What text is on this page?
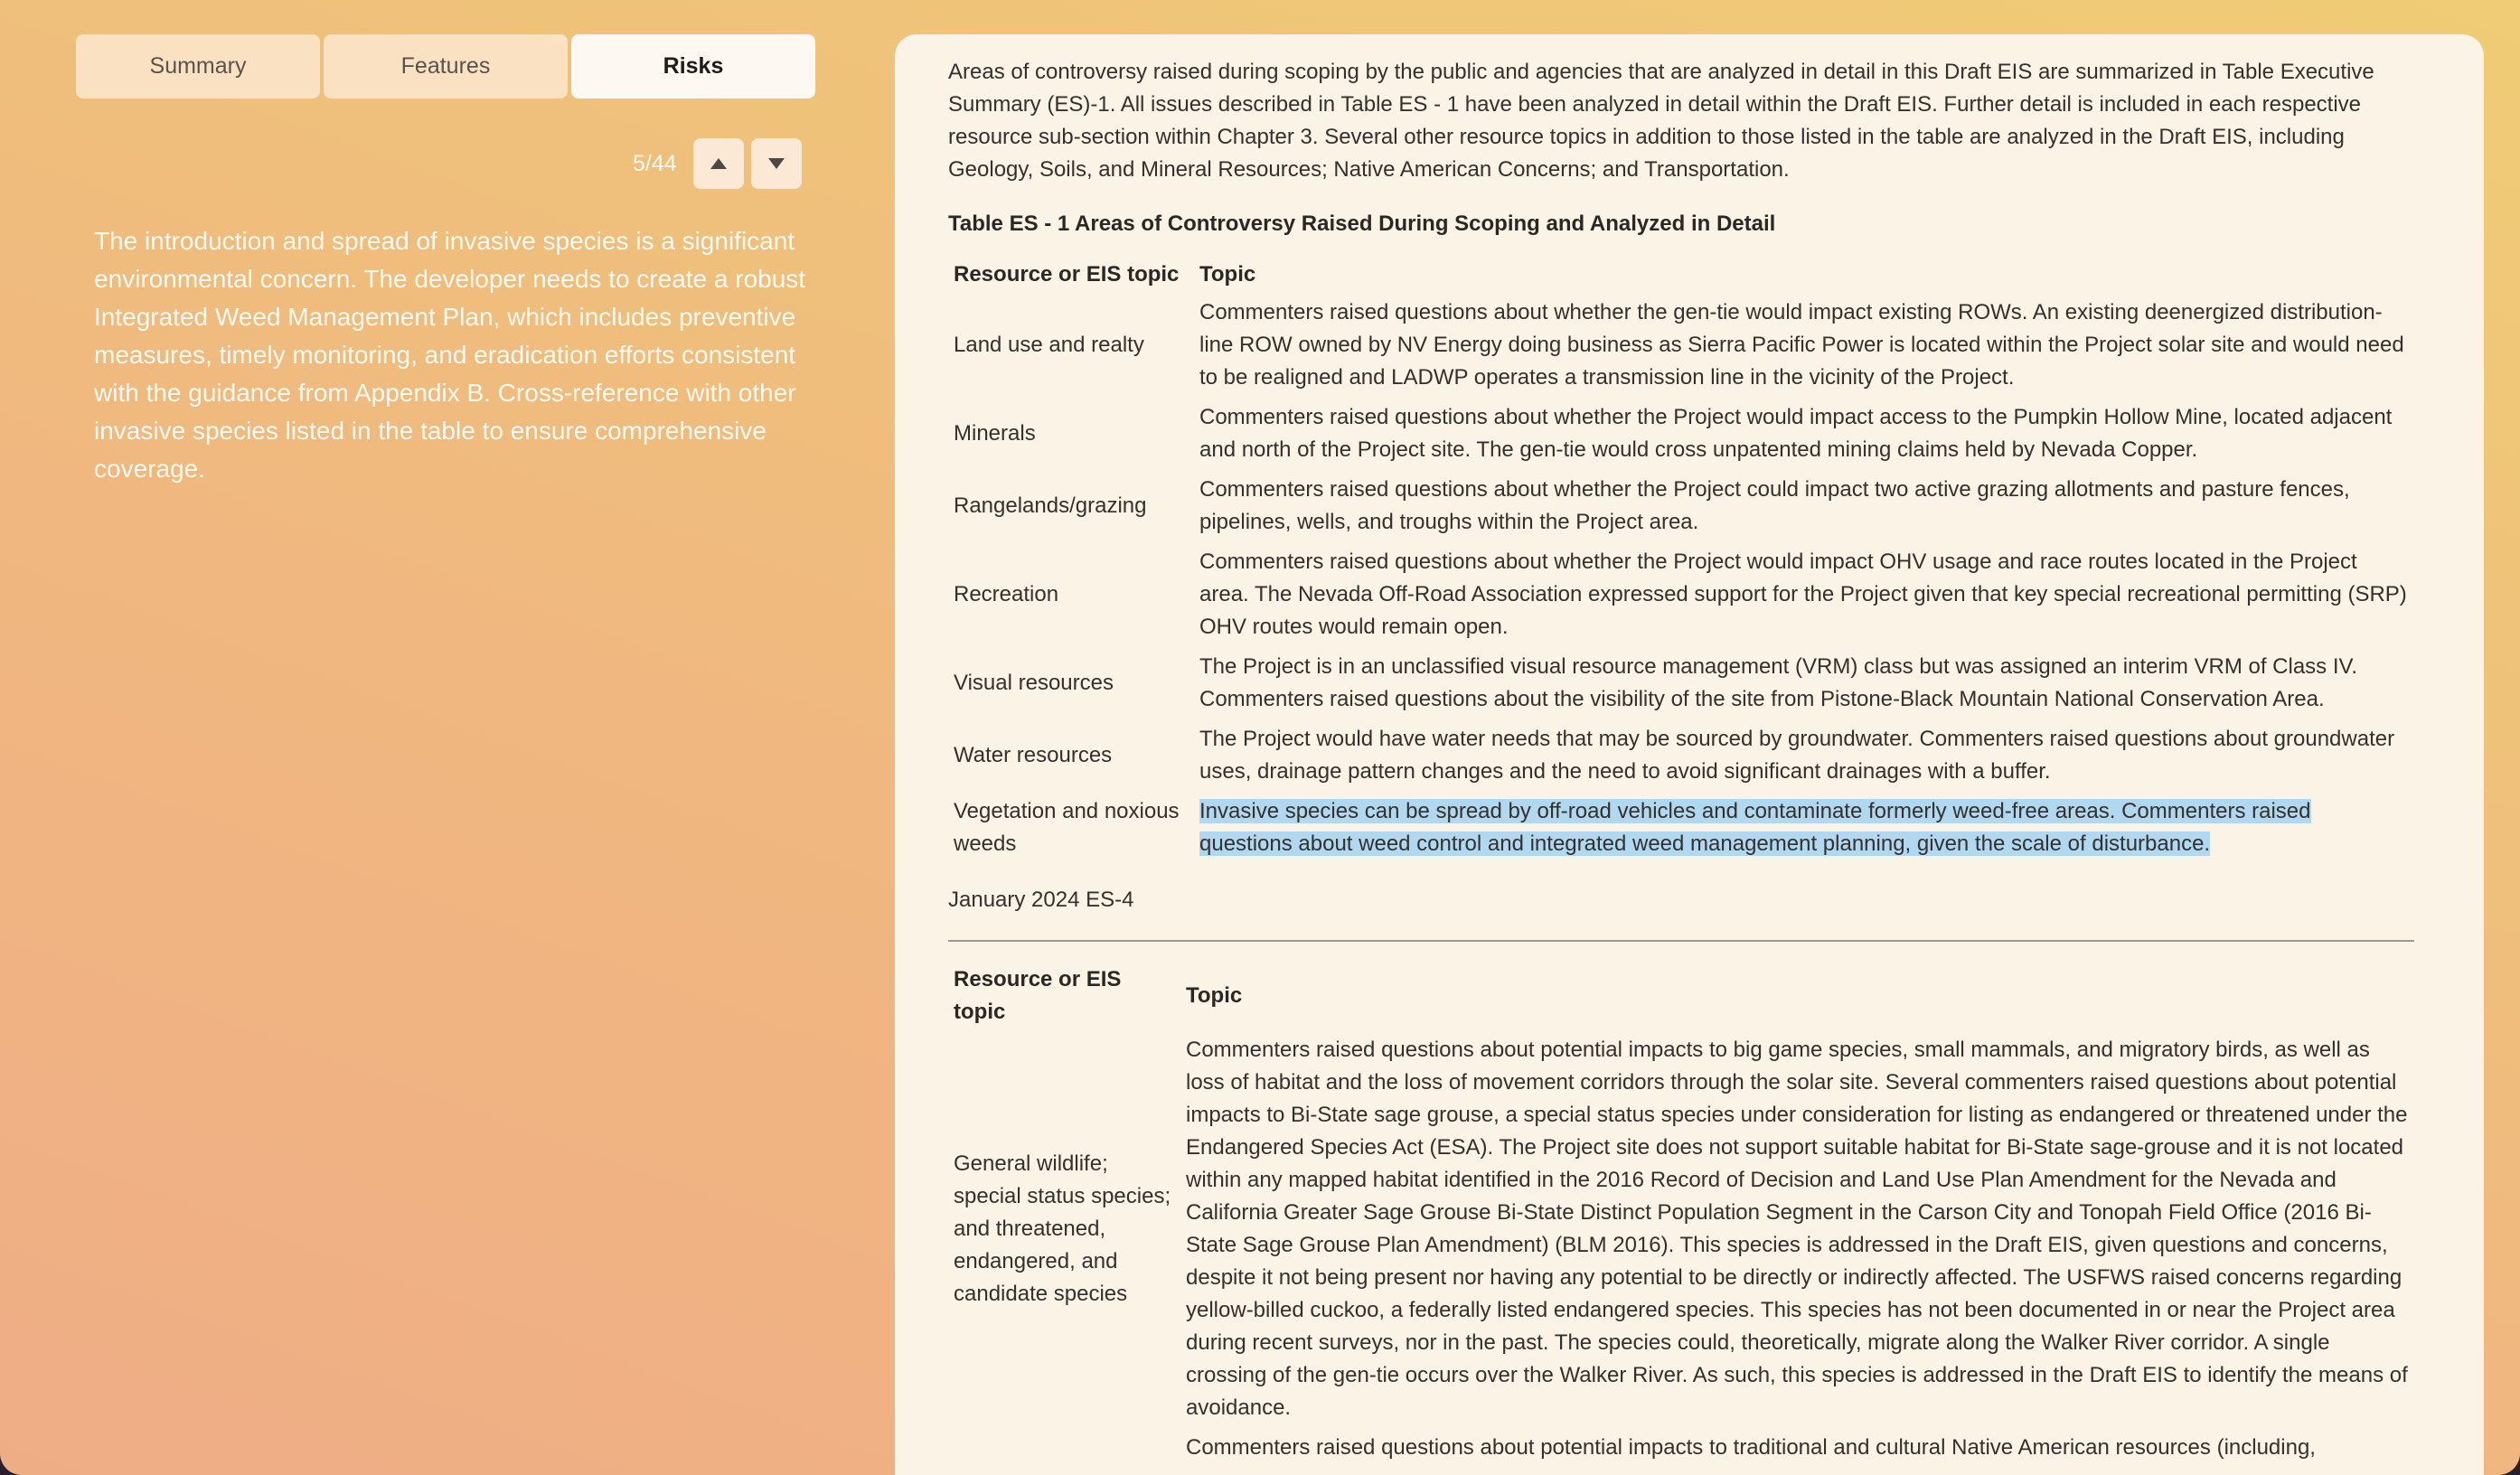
Summary	Features	Risks
5/44
The introduction and spread of invasive species is a significant environmental concern. The developer needs to create a robust Integrated Weed Management Plan, which includes preventive measures, timely monitoring, and eradication efforts consistent with the guidance from Appendix B. Cross-reference with other invasive species listed in the table to ensure comprehensive coverage.

Areas of controversy raised during scoping by the public and agencies that are analyzed in detail in this Draft EIS are summarized in Table Executive Summary (ES)-1. All issues described in Table ES - 1 have been analyzed in detail within the Draft EIS. Further detail is included in each respective resource sub-section within Chapter 3. Several other resource topics in addition to those listed in the table are analyzed in the Draft EIS, including Geology, Soils, and Mineral Resources; Native American Concerns; and Transportation.

Table ES - 1 Areas of Controversy Raised During Scoping and Analyzed in Detail

Resource or EIS topic	Topic
Land use and realty	Commenters raised questions about whether the gen-tie would impact existing ROWs. An existing deenergized distribution-line ROW owned by NV Energy doing business as Sierra Pacific Power is located within the Project solar site and would need to be realigned and LADWP operates a transmission line in the vicinity of the Project.
Minerals	Commenters raised questions about whether the Project would impact access to the Pumpkin Hollow Mine, located adjacent and north of the Project site. The gen-tie would cross unpatented mining claims held by Nevada Copper.
Rangelands/grazing	Commenters raised questions about whether the Project could impact two active grazing allotments and pasture fences, pipelines, wells, and troughs within the Project area.
Recreation	Commenters raised questions about whether the Project would impact OHV usage and race routes located in the Project area. The Nevada Off-Road Association expressed support for the Project given that key special recreational permitting (SRP) OHV routes would remain open.
Visual resources	The Project is in an unclassified visual resource management (VRM) class but was assigned an interim VRM of Class IV. Commenters raised questions about the visibility of the site from Pistone-Black Mountain National Conservation Area.
Water resources	The Project would have water needs that may be sourced by groundwater. Commenters raised questions about groundwater uses, drainage pattern changes and the need to avoid significant drainages with a buffer.
Vegetation and noxious weeds	Invasive species can be spread by off-road vehicles and contaminate formerly weed-free areas. Commenters raised questions about weed control and integrated weed management planning, given the scale of disturbance.

January 2024 ES-4

Resource or EIS topic	Topic
General wildlife; special status species; and threatened, endangered, and candidate species	Commenters raised questions about potential impacts to big game species, small mammals, and migratory birds, as well as loss of habitat and the loss of movement corridors through the solar site. Several commenters raised questions about potential impacts to Bi-State sage grouse, a special status species under consideration for listing as endangered or threatened under the Endangered Species Act (ESA). The Project site does not support suitable habitat for Bi-State sage-grouse and it is not located within any mapped habitat identified in the 2016 Record of Decision and Land Use Plan Amendment for the Nevada and California Greater Sage Grouse Bi-State Distinct Population Segment in the Carson City and Tonopah Field Office (2016 Bi-State Sage Grouse Plan Amendment) (BLM 2016). This species is addressed in the Draft EIS, given questions and concerns, despite it not being present nor having any potential to be directly or indirectly affected. The USFWS raised concerns regarding yellow-billed cuckoo, a federally listed endangered species. This species has not been documented in or near the Project area during recent surveys, nor in the past. The species could, theoretically, migrate along the Walker River corridor. A single crossing of the gen-tie occurs over the Walker River. As such, this species is addressed in the Draft EIS to identify the means of avoidance.
	Commenters raised questions about potential impacts to traditional and cultural Native American resources (including,
